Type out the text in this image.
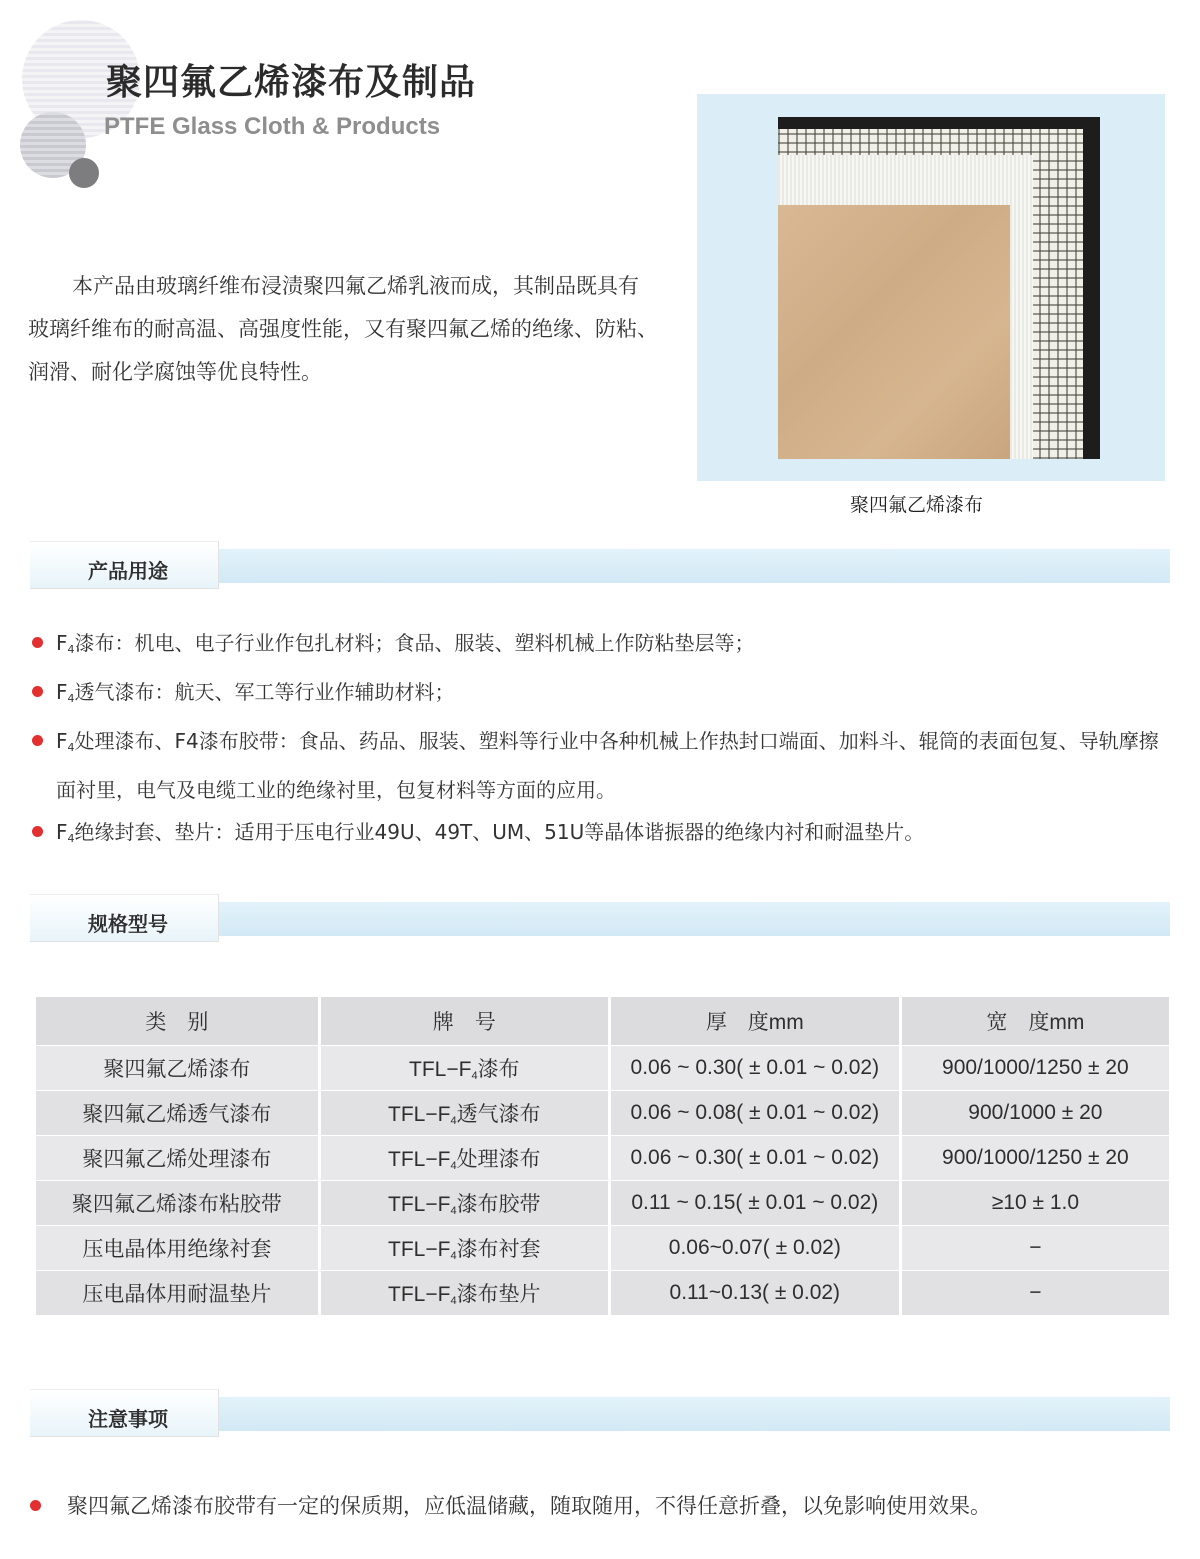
聚四氟乙烯漆布及制品
PTFE Glass Cloth & Products

本产品由玻璃纤维布浸渍聚四氟乙烯乳液而成，其制品既具有玻璃纤维布的耐高温、高强度性能，又有聚四氟乙烯的绝缘、防粘、润滑、耐化学腐蚀等优良特性。

聚四氟乙烯漆布
产品用途
$F_4$漆布：机电、电子行业作包扎材料；食品、服装、塑料机械上作防粘垫层等；
$F_4$透气漆布：航天、军工等行业作辅助材料；
$F_4$处理漆布、F4漆布胶带：食品、药品、服装、塑料等行业中各种机械上作热封口端面、加料斗、辊筒的表面包复、导轨摩擦面衬里，电气及电缆工业的绝缘衬里，包复材料等方面的应用。
$F_4$绝缘封套、垫片：适用于压电行业49U、49T、UM、51U等晶体谐振器的绝缘内衬和耐温垫片。
规格型号
类　别	牌　号	厚　度mm	宽　度mm
聚四氟乙烯漆布	$TFL-F_4$漆布	0.06 ~ 0.30( ± 0.01 ~ 0.02)	900/1000/1250 ± 20
聚四氟乙烯透气漆布	$TFL-F_4$透气漆布	0.06 ~ 0.08( ± 0.01 ~ 0.02)	900/1000 ± 20
聚四氟乙烯处理漆布	$TFL-F_4$处理漆布	0.06 ~ 0.30( ± 0.01 ~ 0.02)	900/1000/1250 ± 20
聚四氟乙烯漆布粘胶带	$TFL-F_4$漆布胶带	0.11 ~ 0.15( ± 0.01 ~ 0.02)	≥10 ± 1.0
压电晶体用绝缘衬套	$TFL-F_4$漆布衬套	0.06~0.07( ± 0.02)	−
压电晶体用耐温垫片	$TFL-F_4$漆布垫片	0.11~0.13( ± 0.02)	−
注意事项
聚四氟乙烯漆布胶带有一定的保质期，应低温储藏，随取随用，不得任意折叠，以免影响使用效果。
